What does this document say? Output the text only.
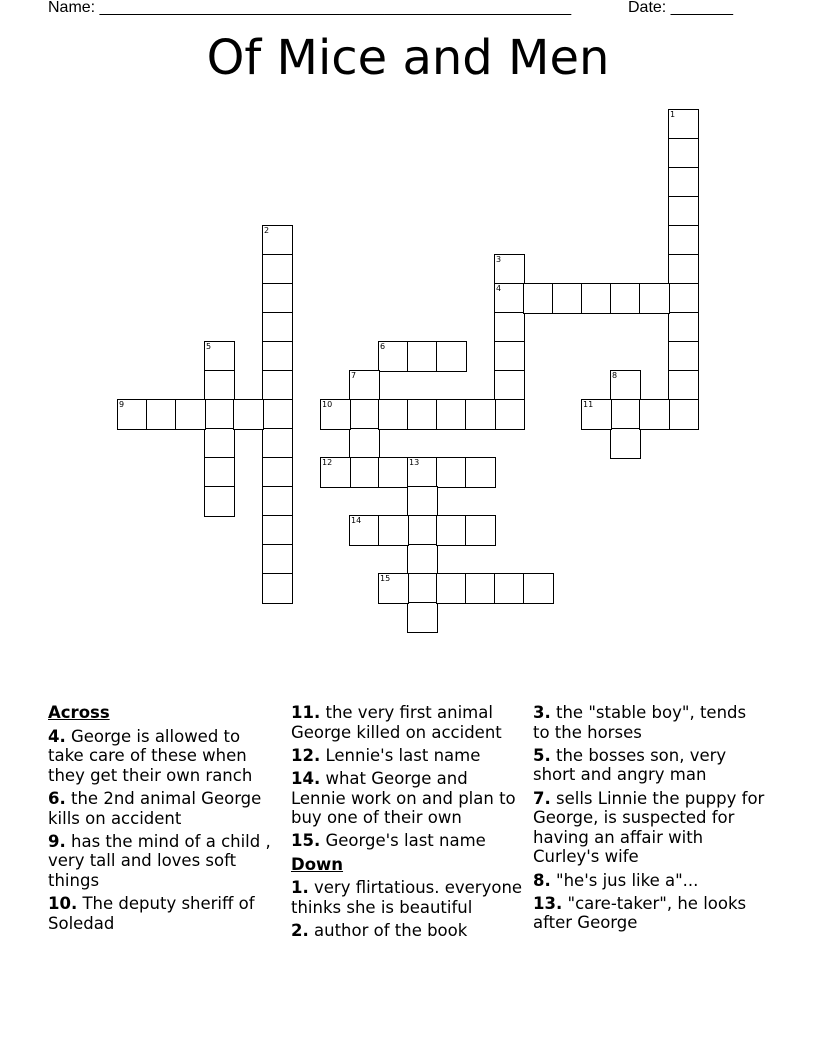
Name: _____________________________________________________	Date: _______
Of Mice and Men
1
2
3
4
5	6
7	8
9	10	11
12	13
14
15
Across
4. George is allowed to take care of these when they get their own ranch
6. the 2nd animal George kills on accident
9. has the mind of a child , very tall and loves soft things
10. The deputy sheriff of Soledad
11. the very first animal George killed on accident
12. Lennie's last name
14. what George and Lennie work on and plan to buy one of their own
15. George's last name
Down
1. very flirtatious. everyone thinks she is beautiful
2. author of the book
3. the "stable boy", tends to the horses
5. the bosses son, very short and angry man
7. sells Linnie the puppy for George, is suspected for having an affair with Curley's wife
8. "he's jus like a"...
13. "care-taker", he looks after George
